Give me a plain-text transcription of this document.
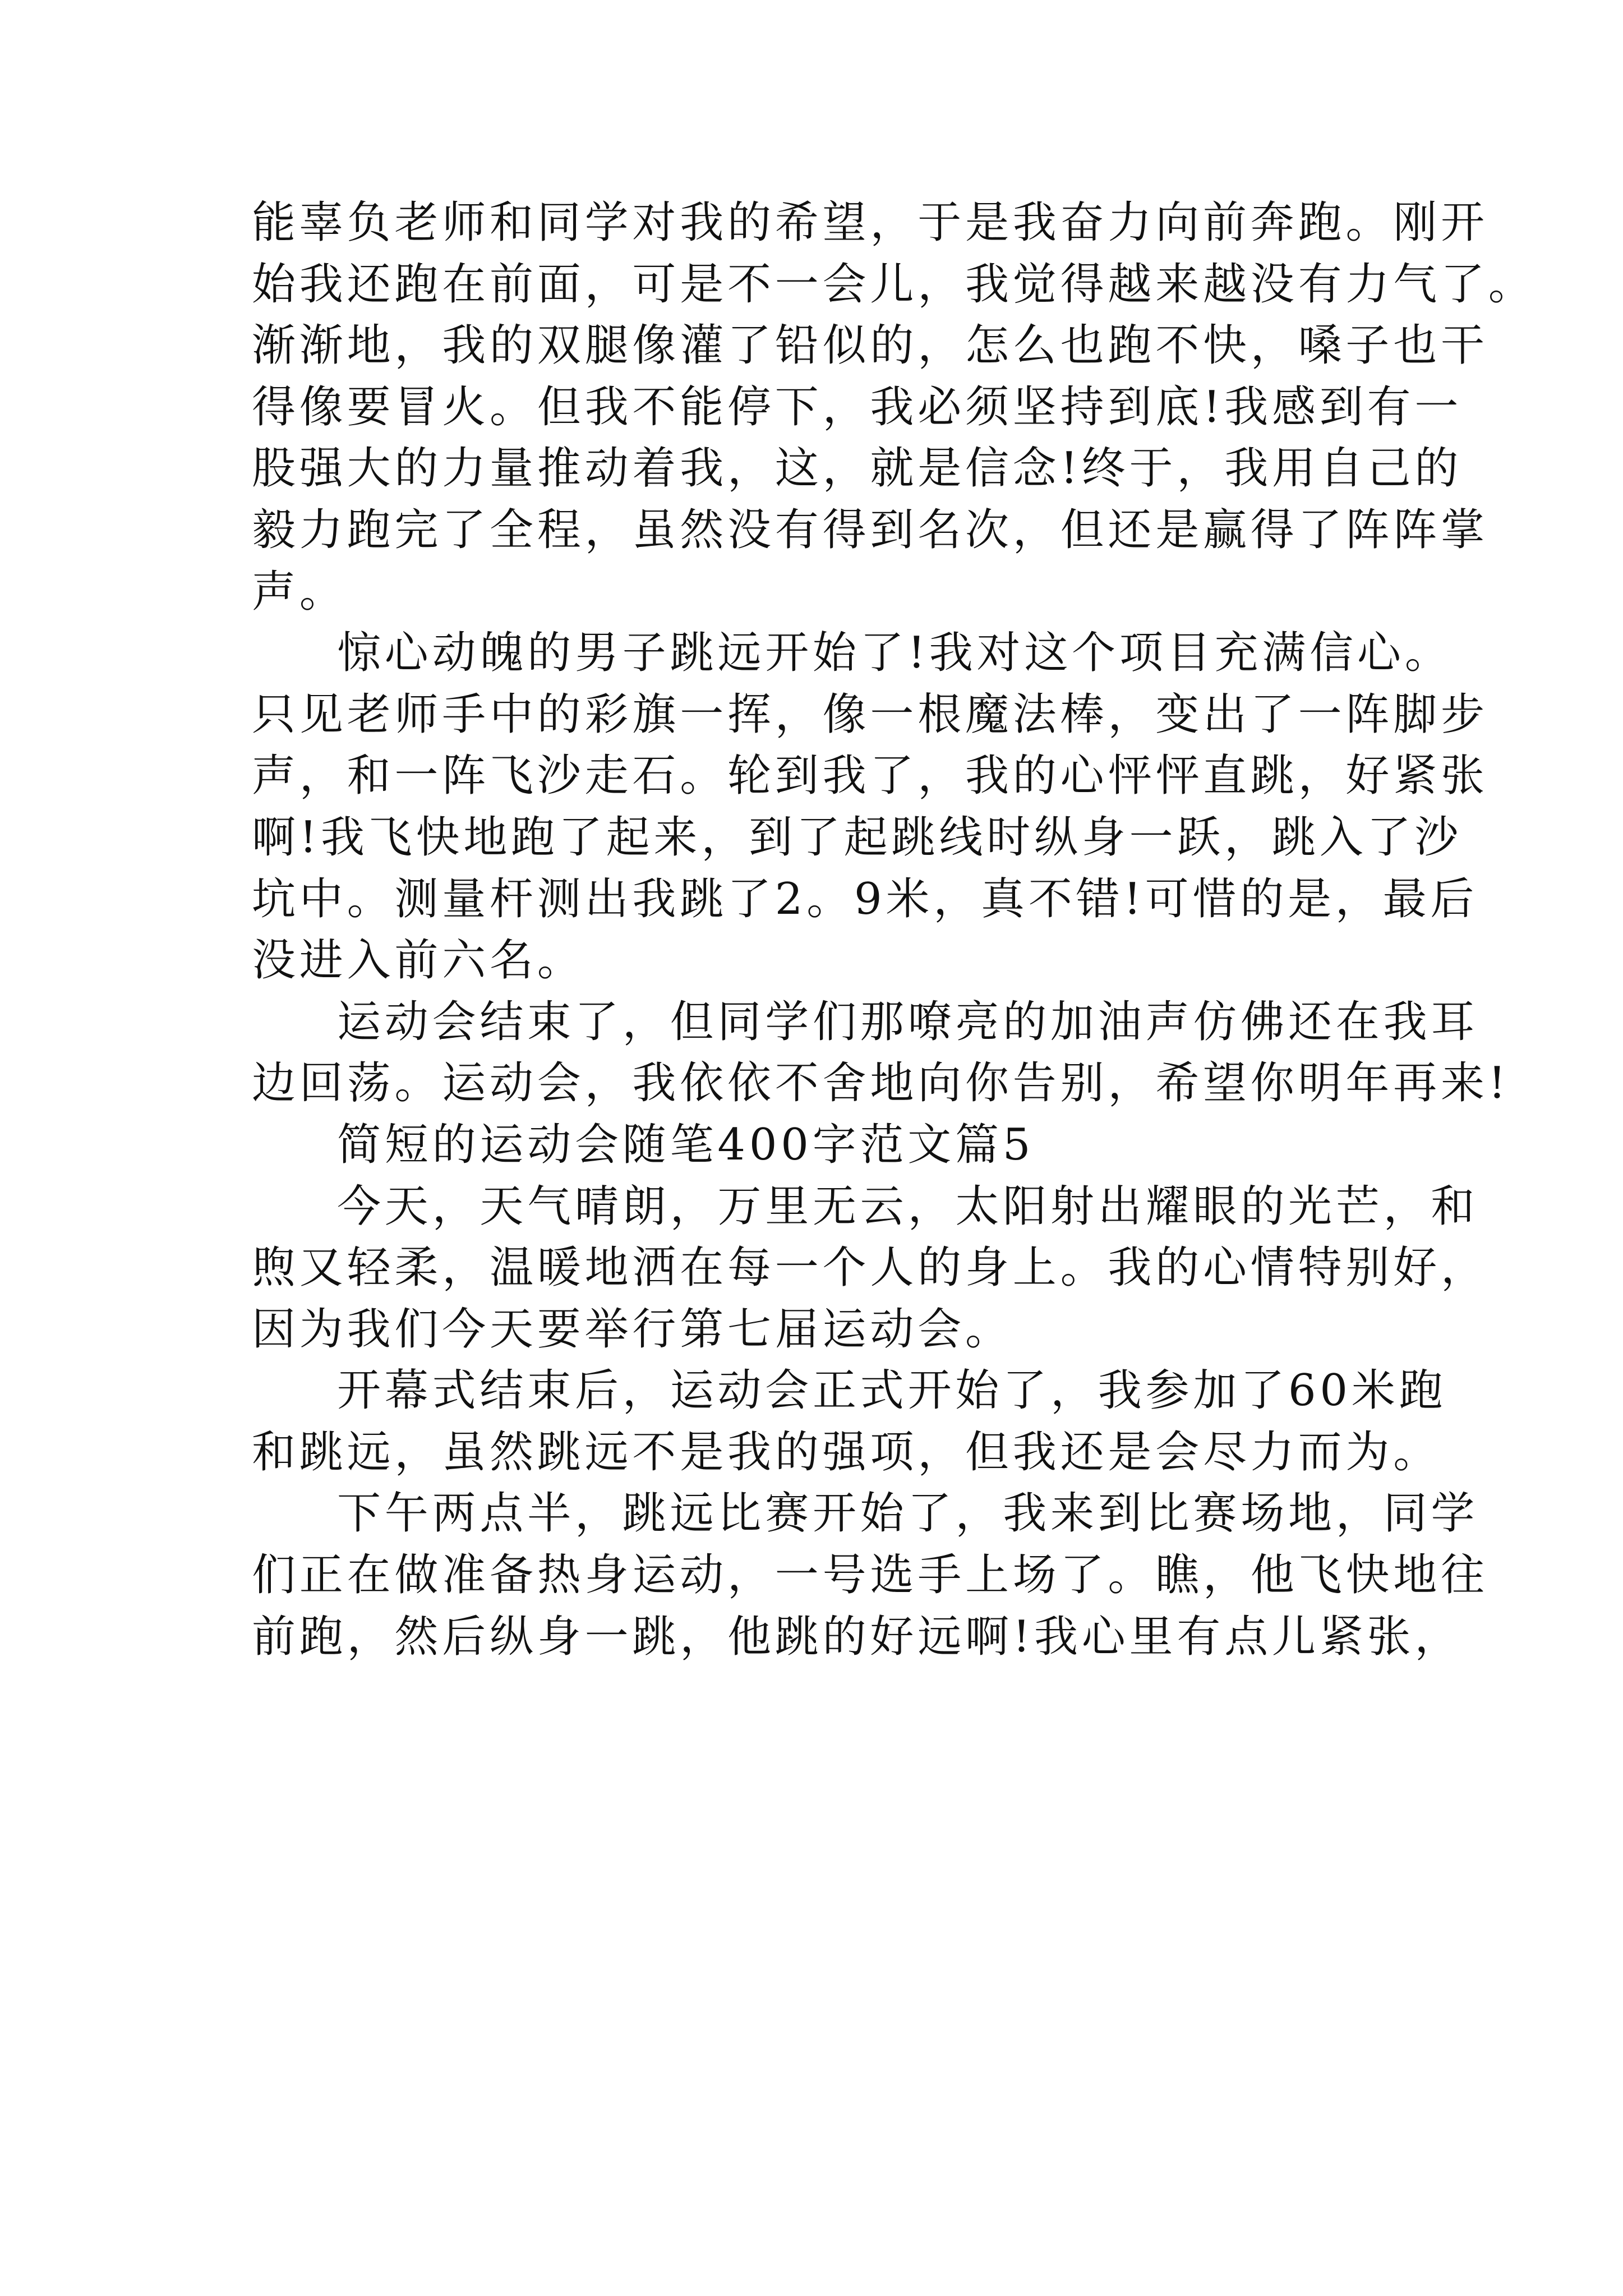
能辜负老师和同学对我的希望，于是我奋力向前奔跑。刚开
始我还跑在前面，可是不一会儿，我觉得越来越没有力气了。
渐渐地，我的双腿像灌了铅似的，怎么也跑不快，嗓子也干
得像要冒火。但我不能停下，我必须坚持到底!我感到有一
股强大的力量推动着我，这，就是信念!终于，我用自己的
毅力跑完了全程，虽然没有得到名次，但还是赢得了阵阵掌
声。

惊心动魄的男子跳远开始了!我对这个项目充满信心。
只见老师手中的彩旗一挥，像一根魔法棒，变出了一阵脚步
声，和一阵飞沙走石。轮到我了，我的心怦怦直跳，好紧张
啊!我飞快地跑了起来，到了起跳线时纵身一跃，跳入了沙
坑中。测量杆测出我跳了2。9米，真不错!可惜的是，最后
没进入前六名。

运动会结束了，但同学们那嘹亮的加油声仿佛还在我耳
边回荡。运动会，我依依不舍地向你告别，希望你明年再来!

简短的运动会随笔400字范文篇5

今天，天气晴朗，万里无云，太阳射出耀眼的光芒，和
煦又轻柔，温暖地洒在每一个人的身上。我的心情特别好，
因为我们今天要举行第七届运动会。

开幕式结束后，运动会正式开始了，我参加了60米跑
和跳远，虽然跳远不是我的强项，但我还是会尽力而为。

下午两点半，跳远比赛开始了，我来到比赛场地，同学
们正在做准备热身运动，一号选手上场了。瞧，他飞快地往
前跑，然后纵身一跳，他跳的好远啊!我心里有点儿紧张，
